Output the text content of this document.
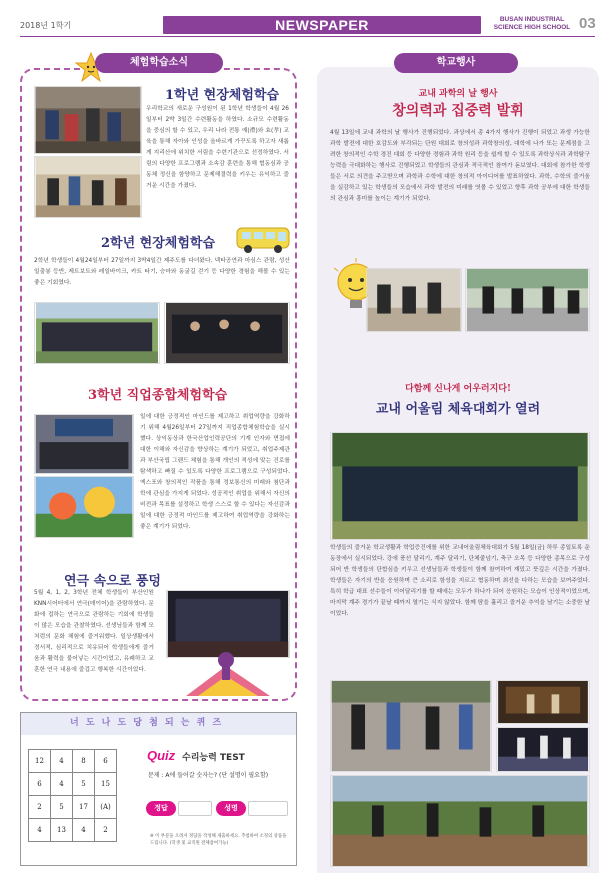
2018년 1학기	NEWSPAPER	BUSAN INDUSTRIAL
SCIENCE HIGH SCHOOL 03
체험학습소식
1학년 현장체험학습

우리학교의 새로운 구성원이 된 1학년 학생들이 4월 26일부터 2박 3일간 수련활동을 하였다. 소규모 수련활동을 중심의 할 수 있고, 우리 나라 전통 예(禮)와 효(孝) 교육을 통해 자아와 인성을 올바르게 가꾸도록 하고자 새롭게 지리산에 위치한 서림을 수련기관으로 선정하였다. 서림의 다양한 프로그램과 소속감 훈련을 통해 협동심과 공동체 정신을 함양하고 문제해결력을 키우는 유익하고 즐거운 시간을 가졌다.

2학년 현장체험학습

2학년 학생들이 4월24일부터 27일까지 3박4일간 제주도를 다녀왔다. 넥타공연과 마심스 관람, 성산일출봉 등반, 제트보트와 레일바이크, 카트 타기, 승마와 동굴길 걷기 등 다양한 경험을 해볼 수 있는 좋은 기회였다.

3학년 직업종합체험학습

일에 대한 긍정적인 마인드를 제고하고 취업역량을 강화하기 위해 4월26일부터 27일까지 직업종합체험학습을 실시했다. 상익동상과 한국산업인력공단의 기계 인자와 면접에 대한 이해와 자신감을 향상하는 계기가 되었고, 취업주제관과 부산국립 그랜드 체험을 통해 개인의 적성에 맞는 진로를 탐색하고 빠질 수 있도록 다양한 프로그램으로 구성되었다. 엑스포와 창의적인 작품을 통해 정보통신의 미래와 첨단과학에 관심을 가지게 되었다. 성공적인 취업을 위해서 자신의 비전과 목표를 설정하고 학생 스스로 할 수 있다는 자신감과 일에 대한 긍정적 마인드를 제고하여 취업역량을 강화하는 좋은 계기가 되었다.

연극 속으로 풍덩

5월 4, 1, 2, 3학년 전체 학생들이 부산인원KNN시어터에서 연극(데이어)을 관람하였다. 문화에 접하는 연극으로 관람하는 기회에 학생들이 많은 모습을 관찰하였다. 선생님들과 함께 모처럼의 문화 체험에 즐거워했다. 일상생활에서 정서적, 심리적으로 치유되어 학생들에게 즐거움과 활력을 불어넣는 시간이었고, 유쾌하고 교훈한 연극 내용에 즐겁고 행복한 시간이었다.

학교행사
교내 과학의 날 행사
창의력과 집중력 발휘

4월 13일에 교내 과학의 날 행사가 진행되었다. 과상에서 총 4가지 행사가 진행이 되었고 과생 가능한 과학 발전에 대한 호감도와 부각되는 단원 대회로 창의성과 과학창의성, 대학에 나가 또는 문제점을 고려한 창의적인 수학 경진 대회 등 다양한 경험과 과학 원리 등을 쉽게 할 수 있도록 과학상식과 과학탐구 능력을 극대화하는 행사로 진행되었고 학생들의 관심과 적극적인 참여가 돋보였다. 대회에 참가한 학생들은 서로 의견을 주고받으며 과학과 수학에 대한 창의적 아이디어를 발표하였다. 과학, 수학의 즐거움을 실감하고 있는 학생들의 모습에서 과학 발전의 미래를 엿볼 수 있었고 향후 과학 공부에 대한 학생들의 관심과 흥미를 높이는 계기가 되었다.

다함께 신나게 어우러지다!
교내 어울림 체육대회가 열려

학생들의 즐거운 학교생활과 학업증진에를 위한 교내어울림체육대회가 5월 18일(금) 하루 종일토록 운동장에서 실시되었다. 강에 풍선 달리기, 계주 달리기, 단체줄넘기, 축구 오목 등 다양한 종목으로 구성되어 반 학생들의 단합심을 키우고 선생님들과 학생들이 함께 참여하여 재밌고 뜻깊은 시간을 가졌다. 학생들은 자기의 반을 응원하며 큰 소리로 함성을 지르고 협동하며 최선을 다하는 모습을 보여주었다. 특히 학급 대표 선수들이 이어달리기를 할 때에는 모두가 하나가 되어 응원하는 모습이 인상적이었으며, 마지막 계주 경기가 끝날 때까지 열기는 식지 않았다. 함께 땀을 흘리고 즐거운 추억을 남기는 소중한 날이었다.

너 도 나 도 당 첨 되 는 퀴 즈
12	4	8	6
6	4	5	15
2	5	17	(A)
4	13	4	2
Quiz 수리능력 TEST
문제 : A에 들어갈 숫자는? (단 설명이 필요함)
정답	성명
※ 이 부분을 오려서 정답을 작성해 제출하세요. 추첨하여 소정의 상품을 드립니다. (학생 및 교직원 전체참여가능)
